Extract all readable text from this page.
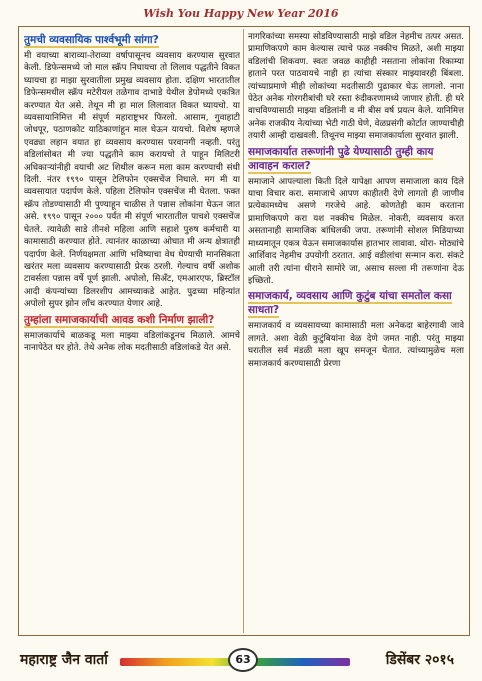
Wish You Happy New Year 2016
तुमची व्यवसायिक पार्श्वभूमी सांगा?

मी वयाच्या बाराव्या-तेराव्या वर्षापासूनच व्यवसाय करण्यास सुरवात केली. डिफेन्समध्ये जो माल स्क्रॅप निघायचा तो लिलाव पद्धतीने विकत घ्यायचा हा माझा सुरवातीला प्रमुख व्यवसाय होता. दक्षिण भारतातील डिफेन्समधील स्क्रॅप मटेरीयल तळेगाव दाभाडे येथील डेपोमध्ये एकत्रित करण्यात येत असे. तेथून मी हा माल लिलावात विकत घ्यायचो. या व्यवसायानिमित्त मी संपूर्ण महाराष्ट्रभर फिरलो. आसाम, गुवाहाटी जोधपूर, पठाणकोट याठिकाणांहून माल घेऊन यायचो. विशेष म्हणजे एवढ्या लहान वयात हा व्यवसाय करण्यास परवानगी नव्हती. परंतु वडिलांसोबत मी ज्या पद्धतीने काम करायचो ते पाहून मिलिटरी अधिकाऱ्यांनीही वयाची अट शिथील करून मला काम करण्याची संधी दिली. नंतर १९९० पासून टेलिफोन एक्सचेंज निघाले. मग मी या व्यवसायात पदार्पण केले. पहिला टेलिफोन एक्सचेंज मी घेतला. फक्त स्क्रॅप तोडण्यासाठी मी पुण्याहून चाळीस ते पन्नास लोकांना घेऊन जात असे. १९९० पासून २००० पर्यंत मी संपूर्ण भारतातील पाचशे एक्सचेंज घेतले. त्यावेळी साडे तीनशे महिला आणि सहाशे पुरुष कर्मचारी या कामासाठी करण्यात होते. त्यानंतर काळाच्या ओघात मी अन्य क्षेत्रातही पदार्पण केले. निर्णयक्षमता आणि भविष्याचा वेध घेण्याची मानसिकता खरंतर मला व्यवसाय करण्यासाठी प्रेरक ठरली. गेल्याच वर्षी अशोक टावर्सला पन्नास वर्षे पूर्ण झाली. अपोलो, सिअँट, एमआरएफ, ब्रिस्टॉल आदी कंपन्यांच्या डिलरशीप आमच्याकडे आहेत. पुढच्या महिन्यांत अपोलो सुपर झोन लाँच करण्यात येणार आहे.

तुम्हांला समाजकार्याची आवड कशी निर्माण झाली?

समाजकार्याचे बाळकडू मला माझ्या वडिलांकडूनच मिळाले. आमचे नानापेठेत घर होते. तेथे अनेक लोक मदतीसाठी वडिलांकडे येत असे.

नागरिकांच्या समस्या सोडविण्यासाठी माझे वडिल नेहमीच तत्पर असत. प्रामाणिकपणे काम केल्यास त्याचे फळ नक्कीच मिळते, अशी माझ्या वडिलांची शिकवण. स्वतः जवळ काहीही नसताना लोकांना रिकाम्या हाताने परत पाठवायचे नाही हा त्यांचा संस्कार माझ्यावरही बिंबला. त्यांच्याप्रमाणे मीही लोकांच्या मदतीसाठी पुढाकार घेऊ लागलो. नाना पेठेत अनेक गोरगरीबांची घरे रस्ता रुंदीकरणामध्ये जाणार होती. ही घरे वाचविण्यासाठी माझ्या वडिलांनी व मी बीस वर्ष प्रयत्न केले. यानिमित्त अनेक राजकीय नेत्यांच्या भेटी गाठी घेणे, वेळप्रसंगी कोर्टात जाण्याचीही तयारी आम्ही दाखवली. तिथूनच माझ्या समाजकार्याला सुरवात झाली.

समाजकार्यात तरूणांनी पुढे येण्यासाठी तुम्ही काय आवाहन कराल?

समाजाने आपल्याला किती दिले यापेक्षा आपण समाजाला काय दिले याचा विचार करा. समाजाचे आपण काहीतरी देणे लागतो ही जाणीव प्रत्येकामध्येच असणे गरजेचे आहे. कोणतेही काम करताना प्रामाणिकपणे करा यश नक्कीच मिळेल. नोकरी, व्यवसाय करत असतानाही सामाजिक बांधिलकी जपा. तरूणांनी सोशल मिडियाच्या माध्यमातून एकत्र येऊन समाजकार्यास हातभार लावावा. थोरा- मोठ्यांचे आर्शिवाद नेहमीच उपयोगी ठरतात. आई वडीलांचा सन्मान करा. संकटे आली तरी त्यांना धीराने सामोरे जा, असाच सल्ला मी तरूणांना देऊ इच्छितो.

समाजकार्य, व्यवसाय आणि कुटुंब यांचा समतोल कसा साधता?

समाजकार्य व व्यवसायच्या कामासाठी मला अनेकदा बाहेरगावी जावे लागते. अशा वेळी कुटुंबियांना वेळ देणे जमत नाही. परंतु माझ्या घरातील सर्व मंडळी मला खूप समजून घेतात. त्यांच्यामुळेच मला समाजकार्य करण्यासाठी प्रेरणा

महाराष्ट्र जैन वार्ता	63	डिसेंबर २०१५
